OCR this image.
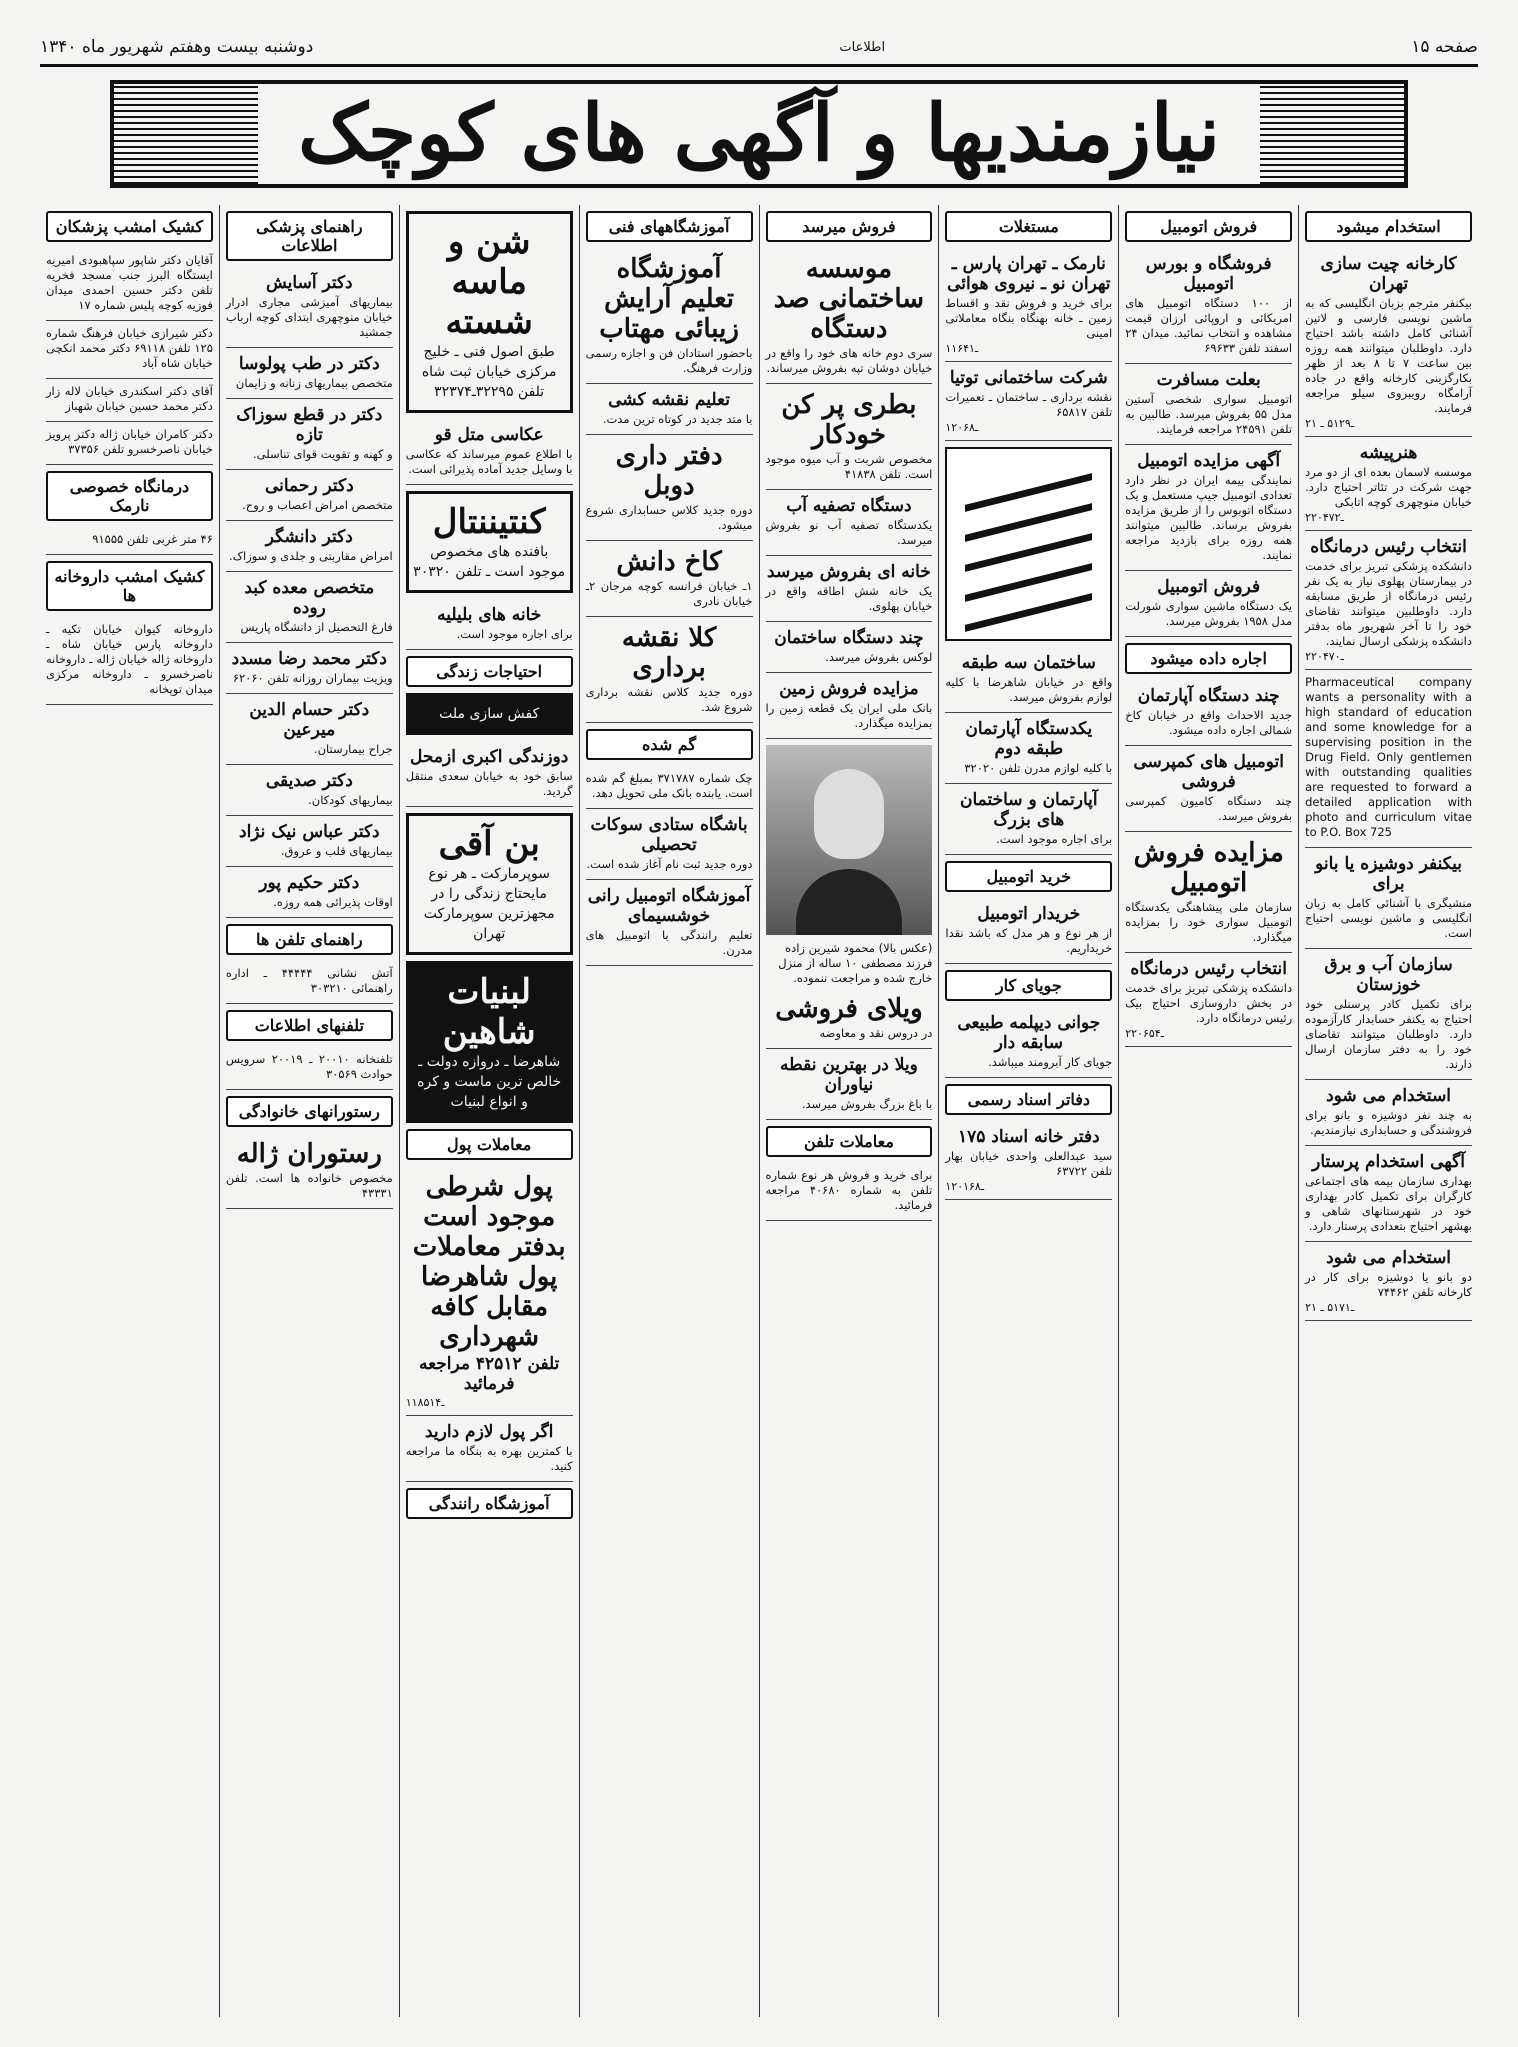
صفحه ۱۵
اطلاعات
دوشنبه بیست وهفتم شهریور ماه ۱۳۴۰
نیازمندیها و آگهی های کوچک
استخدام میشود
کارخانه چیت سازی تهران

بیکنفر مترجم بزبان انگلیسی که به ماشین نویسی فارسی و لاتین آشنائی کامل داشته باشد احتیاج دارد. داوطلبان میتوانند همه روزه بین ساعت ۷ تا ۸ بعد از ظهر بکارگزینی کارخانه واقع در جاده آرامگاه رویبروی سیلو مراجعه فرمایند.

۲ـ۵۱۲۹ ـ ۱
هنرپیشه

موسسه لاسمان بعده ای از دو مرد جهت شرکت در تئاتر احتیاج دارد. خیابان منوچهری کوچه اتابکی

۲ـ۲۰۴۷۲
انتخاب رئیس درمانگاه

دانشکده پزشکی تبریز برای خدمت در بیمارستان پهلوی نیاز به یک نفر رئیس درمانگاه از طریق مسابقه دارد. داوطلبین میتوانند تقاضای خود را تا آخر شهریور ماه بدفتر دانشکده پزشکی ارسال نمایند.

۲ـ۲۰۴۷۰

Pharmaceutical company wants a personality with a high standard of education and some knowledge for a supervising position in the Drug Field. Only gentlemen with outstanding qualities are requested to forward a detailed application with photo and curriculum vitae to P.O. Box 725

بیکنفر دوشیزه یا بانو برای

منشیگری با آشنائی کامل به زبان انگلیسی و ماشین نویسی احتیاج است.

سازمان آب و برق خوزستان

برای تکمیل کادر پرسنلی خود احتیاج به یکنفر حسابدار کارآزموده دارد. داوطلبان میتوانند تقاضای خود را به دفتر سازمان ارسال دارند.

استخدام می شود

به چند نفر دوشیزه و بانو برای فروشندگی و حسابداری نیازمندیم.

آگهی استخدام پرستار

بهداری سازمان بیمه های اجتماعی کارگران برای تکمیل کادر بهداری خود در شهرستانهای شاهی و بهشهر احتیاج بتعدادی پرستار دارد.

استخدام می شود

دو بانو یا دوشیزه برای کار در کارخانه تلفن ۷۴۴۶۲

۲ـ۵۱۷۱ ـ ۱
فروش اتومبیل
فروشگاه و بورس اتومبیل

از ۱۰۰ دستگاه اتومبیل های امریکائی و اروپائی ارزان قیمت مشاهده و انتخاب نمائید. میدان ۲۴ اسفند تلفن ۶۹۶۳۳

بعلت مسافرت

اتومبیل سواری شخصی آستین مدل ۵۵ بفروش میرسد. طالبین به تلفن ۲۴۵۹۱ مراجعه فرمایند.

آگهی مزایده اتومبیل

نمایندگی بیمه ایران در نظر دارد تعدادی اتومبیل جیپ مستعمل و یک دستگاه اتوبوس را از طریق مزایده بفروش برساند. طالبین میتوانند همه روزه برای بازدید مراجعه نمایند.

فروش اتومبیل

یک دستگاه ماشین سواری شورلت مدل ۱۹۵۸ بفروش میرسد.

اجاره داده میشود
چند دستگاه آپارتمان

جدید الاحداث واقع در خیابان کاخ شمالی اجاره داده میشود.

اتومبیل های کمپرسی فروشی

چند دستگاه کامیون کمپرسی بفروش میرسد.

مزایده فروش اتومبیل

سازمان ملی پیشاهنگی یکدستگاه اتومبیل سواری خود را بمزایده میگذارد.

انتخاب رئیس درمانگاه

دانشکده پزشکی تبریز برای خدمت در بخش داروسازی احتیاج بیک رئیس درمانگاه دارد.

۲ـ۲۰۶۵۴
مستغلات
نارمک ـ تهران پارس ـ تهران نو ـ نیروی هوائی

برای خرید و فروش نقد و اقساط زمین ـ خانه بهنگاه بنگاه معاملاتی امینی

۱ـ۱۶۴۱
شرکت ساختمانی توتیا

نقشه برداری ـ ساختمان ـ تعمیرات تلفن ۶۵۸۱۷

۱ـ۲۰۶۸
ساختمان سه طبقه

واقع در خیابان شاهرضا با کلیه لوازم بفروش میرسد.

یکدستگاه آپارتمان طبقه دوم

با کلیه لوازم مدرن تلفن ۳۲۰۲۰

آپارتمان و ساختمان های بزرگ

برای اجاره موجود است.

خرید اتومبیل
خریدار اتومبیل

از هر نوع و هر مدل که باشد نقدا خریداریم.

جویای کار
جوانی دیپلمه طبیعی سابقه دار

جویای کار آبرومند میباشد.

دفاتر اسناد رسمی
دفتر خانه اسناد ۱۷۵

سید عبدالعلی واحدی خیابان بهار تلفن ۶۳۷۲۲

۱ـ۲۰۱۶۸
فروش میرسد
موسسه ساختمانی صد دستگاه

سری دوم خانه های خود را واقع در خیابان دوشان تپه بفروش میرساند.

بطری پر کن خودکار

مخصوص شربت و آب میوه موجود است. تلفن ۴۱۸۳۸

دستگاه تصفیه آب

یکدستگاه تصفیه آب نو بفروش میرسد.

خانه ای بفروش میرسد

یک خانه شش اطاقه واقع در خیابان پهلوی.

چند دستگاه ساختمان

لوکس بفروش میرسد.

مزایده فروش زمین

بانک ملی ایران یک قطعه زمین را بمزایده میگذارد.

(عکس بالا) محمود شیرین زاده فرزند مصطفی ۱۰ ساله از منزل خارج شده و مراجعت ننموده.

ویلای فروشی

در دروس نقد و معاوضه

ویلا در بهترین نقطه نیاوران

با باغ بزرگ بفروش میرسد.

معاملات تلفن

برای خرید و فروش هر نوع شماره تلفن به شماره ۴۰۶۸۰ مراجعه فرمائید.

آموزشگاههای فنی
آموزشگاه تعلیم آرایش زیبائی مهتاب

باحضور استادان فن و اجازه رسمی وزارت فرهنگ.

تعلیم نقشه کشی

با متد جدید در کوتاه ترین مدت.

دفتر داری دوبل

دوره جدید کلاس حسابداری شروع میشود.

کاخ دانش

۱ـ خیابان فرانسه کوچه مرجان ۲ـ خیابان نادری

کلا نقشه برداری

دوره جدید کلاس نقشه برداری شروع شد.

گم شده

چک شماره ۳۷۱۷۸۷ بمبلغ گم شده است. یابنده بانک ملی تحویل دهد.

باشگاه ستادی سوکات تحصیلی

دوره جدید ثبت نام آغاز شده است.

آموزشگاه اتومبیل رانی خوشسیمای

تعلیم رانندگی با اتومبیل های مدرن.

شن و ماسه شسته
طبق اصول فنی ـ خلیج مرکزی خیابان ثبت شاه
تلفن ۳۲۲۹۵ـ۳۲۳۷۴
عکاسی متل قو

با اطلاع عموم میرساند که عکاسی با وسایل جدید آماده پذیرائی است.

کنتیننتال
بافنده های مخصوص موجود است ـ تلفن ۳۰۳۲۰
خانه های بلیلیه

برای اجاره موجود است.

احتیاجات زندگی
کفش سازی ملت
دوزندگی اکبری ازمحل

سابق خود به خیابان سعدی منتقل گردید.

بن آقی
سوپرمارکت ـ هر نوع مایحتاج زندگی را در مجهزترین سوپرمارکت تهران
لبنیات شاهین
شاهرضا ـ دروازه دولت ـ خالص ترین ماست و کره و انواع لبنیات
معاملات پول
پول شرطی موجود است بدفتر معاملات پول شاهرضا مقابل کافه شهرداری
تلفن ۴۲۵۱۲ مراجعه فرمائید
۱ـ۱۸۵۱۴
اگر پول لازم دارید

با کمترین بهره به بنگاه ما مراجعه کنید.

آموزشگاه رانندگی
راهنمای پزشکی اطلاعات
دکتر آسایش

بیماریهای آمیزشی مجاری ادرار خیابان منوچهری ابتدای کوچه ارباب جمشید

دکتر در طب پولوسا

متخصص بیماریهای زنانه و زایمان

دکتر در قطع سوزاک تازه

و کهنه و تقویت قوای تناسلی.

دکتر رحمانی

متخصص امراض اعصاب و روح.

دکتر دانشگر

امراض مقاربتی و جلدی و سوزاک.

متخصص معده کبد روده

فارغ التحصیل از دانشگاه پاریس

دکتر محمد رضا مسدد

ویزیت بیماران روزانه تلفن ۶۲۰۶۰

دکتر حسام الدین میرعین

جراح بیمارستان.

دکتر صدیقی

بیماریهای کودکان.

دکتر عباس نیک نژاد

بیماریهای قلب و عروق.

دکتر حکیم پور

اوقات پذیرائی همه روزه.

راهنمای تلفن ها

آتش نشانی ۴۴۴۴۴ ـ اداره راهنمائی ۳۰۳۲۱۰

تلفنهای اطلاعات

تلفنخانه ۲۰۰۱۰ ـ ۲۰۰۱۹ سرویس حوادث ۳۰۵۶۹

رستورانهای خانوادگی
رستوران ژاله

مخصوص خانواده ها است. تلفن ۴۳۳۳۱

کشیک امشب پزشکان

آقایان دکتر شاپور سپاهبودی امیریه ایستگاه البرز جنب مسجد فخریه تلفن دکتر حسین احمدی میدان فوزیه کوچه پلیس شماره ۱۷

دکتر شیرازی خیابان فرهنگ شماره ۱۲۵ تلفن ۶۹۱۱۸ دکتر محمد انکچی خیابان شاه آباد

آقای دکتر اسکندری خیابان لاله زار دکتر محمد حسین خیابان شهباز

دکتر کامران خیابان ژاله دکتر پرویز خیابان ناصرخسرو تلفن ۳۷۳۵۶

درمانگاه خصوصی نارمک

۴۶ متر غربی تلفن ۹۱۵۵۵

کشیک امشب داروخانه ها

داروخانه کیوان خیابان تکیه ـ داروخانه پارس خیابان شاه ـ داروخانه ژاله خیابان ژاله ـ داروخانه ناصرخسرو ـ داروخانه مرکزی میدان توپخانه
